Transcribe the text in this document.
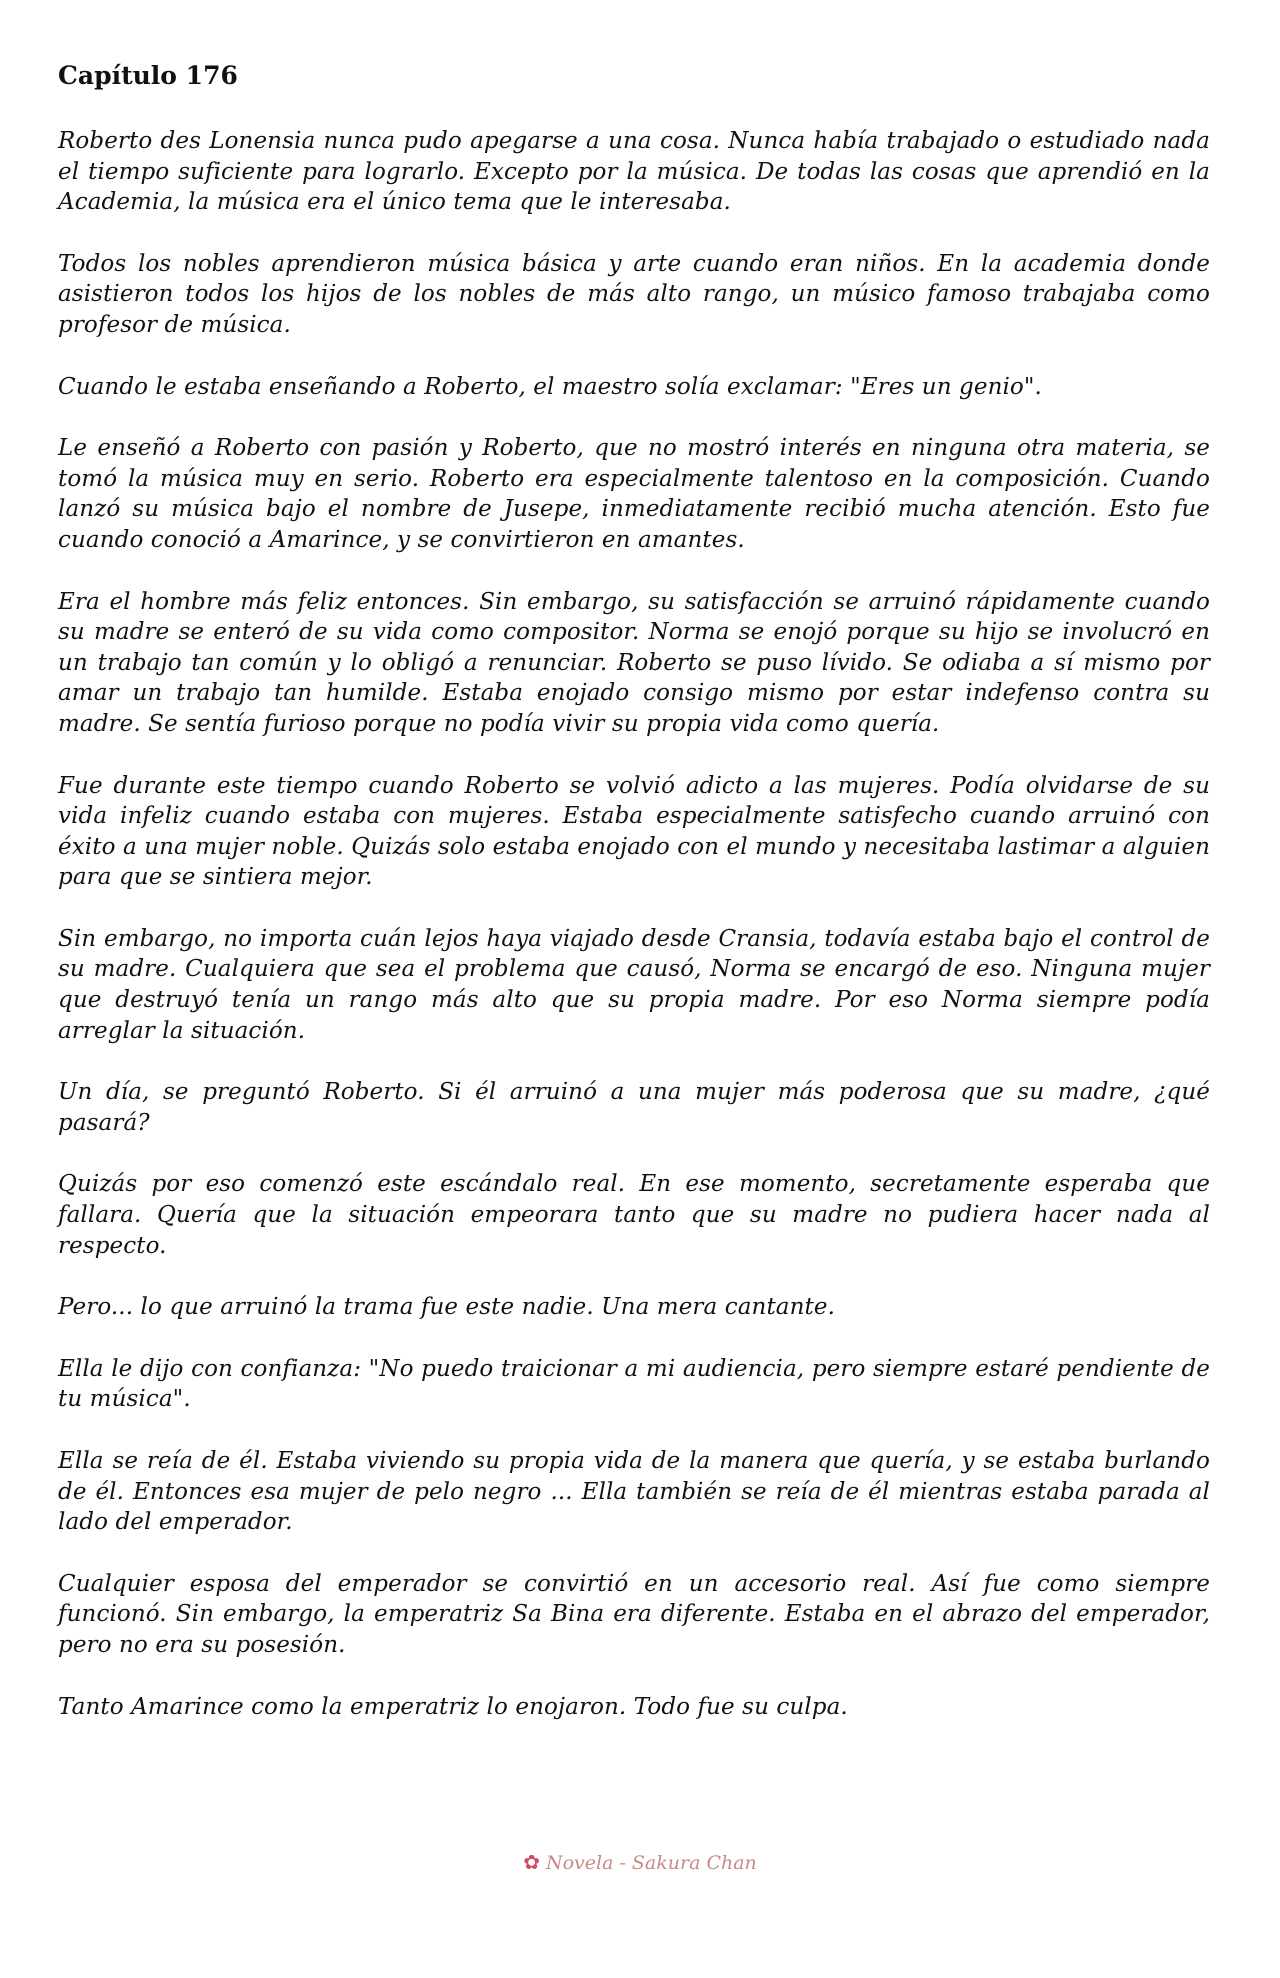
Capítulo 176

Roberto des Lonensia nunca pudo apegarse a una cosa. Nunca había trabajado o estudiado nada el tiempo suficiente para lograrlo. Excepto por la música. De todas las cosas que aprendió en la Academia, la música era el único tema que le interesaba.

Todos los nobles aprendieron música básica y arte cuando eran niños. En la academia donde asistieron todos los hijos de los nobles de más alto rango, un músico famoso trabajaba como profesor de música.

Cuando le estaba enseñando a Roberto, el maestro solía exclamar: "Eres un genio".

Le enseñó a Roberto con pasión y Roberto, que no mostró interés en ninguna otra materia, se tomó la música muy en serio. Roberto era especialmente talentoso en la composición. Cuando lanzó su música bajo el nombre de Jusepe, inmediatamente recibió mucha atención. Esto fue cuando conoció a Amarince, y se convirtieron en amantes.

Era el hombre más feliz entonces. Sin embargo, su satisfacción se arruinó rápidamente cuando su madre se enteró de su vida como compositor. Norma se enojó porque su hijo se involucró en un trabajo tan común y lo obligó a renunciar. Roberto se puso lívido. Se odiaba a sí mismo por amar un trabajo tan humilde. Estaba enojado consigo mismo por estar indefenso contra su madre. Se sentía furioso porque no podía vivir su propia vida como quería.

Fue durante este tiempo cuando Roberto se volvió adicto a las mujeres. Podía olvidarse de su vida infeliz cuando estaba con mujeres. Estaba especialmente satisfecho cuando arruinó con éxito a una mujer noble. Quizás solo estaba enojado con el mundo y necesitaba lastimar a alguien para que se sintiera mejor.

Sin embargo, no importa cuán lejos haya viajado desde Cransia, todavía estaba bajo el control de su madre. Cualquiera que sea el problema que causó, Norma se encargó de eso. Ninguna mujer que destruyó tenía un rango más alto que su propia madre. Por eso Norma siempre podía arreglar la situación.

Un día, se preguntó Roberto. Si él arruinó a una mujer más poderosa que su madre, ¿qué pasará?

Quizás por eso comenzó este escándalo real. En ese momento, secretamente esperaba que fallara. Quería que la situación empeorara tanto que su madre no pudiera hacer nada al respecto.

Pero... lo que arruinó la trama fue este nadie. Una mera cantante.

Ella le dijo con confianza: "No puedo traicionar a mi audiencia, pero siempre estaré pendiente de tu música".

Ella se reía de él. Estaba viviendo su propia vida de la manera que quería, y se estaba burlando de él. Entonces esa mujer de pelo negro ... Ella también se reía de él mientras estaba parada al lado del emperador.

Cualquier esposa del emperador se convirtió en un accesorio real. Así fue como siempre funcionó. Sin embargo, la emperatriz Sa Bina era diferente. Estaba en el abrazo del emperador, pero no era su posesión.

Tanto Amarince como la emperatriz lo enojaron. Todo fue su culpa.

✿ Novela - Sakura Chan
